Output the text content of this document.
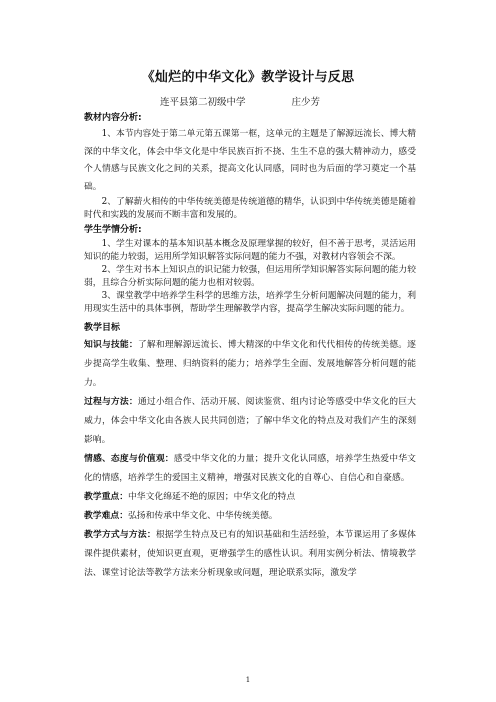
《灿烂的中华文化》教学设计与反思
连平县第二初级中学	庄少芳

教材内容分析:

1、本节内容处于第二单元第五课第一框，这单元的主题是了解源远流长、博大精深的中华文化，体会中华文化是中华民族百折不挠、生生不息的强大精神动力，感受个人情感与民族文化之间的关系，提高文化认同感，同时也为后面的学习奠定一个基础。

2、了解薪火相传的中华传统美德是传统道德的精华，认识到中华传统美德是随着时代和实践的发展而不断丰富和发展的。

学生学情分析:

1、学生对课本的基本知识基本概念及原理掌握的较好，但不善于思考，灵活运用知识的能力较弱，运用所学知识解答实际问题的能力不强，对教材内容领会不深。

2、学生对书本上知识点的识记能力较强，但运用所学知识解答实际问题的能力较弱，且综合分析实际问题的能力也相对较弱。

3、课堂教学中培养学生科学的思维方法，培养学生分析问题解决问题的能力，利用现实生活中的具体事例，帮助学生理解教学内容，提高学生解决实际问题的能力。

教学目标

知识与技能：了解和理解源远流长、博大精深的中华文化和代代相传的传统美德。逐步提高学生收集、整理、归纳资料的能力；培养学生全面、发展地解答分析问题的能力。

过程与方法：通过小组合作、活动开展、阅读鉴赏、组内讨论等感受中华文化的巨大威力，体会中华文化由各族人民共同创造；了解中华文化的特点及对我们产生的深刻影响。

情感、态度与价值观：感受中华文化的力量；提升文化认同感，培养学生热爱中华文化的情感，培养学生的爱国主义精神，增强对民族文化的自尊心、自信心和自豪感。

教学重点：中华文化绵延不绝的原因；中华文化的特点

教学难点：弘扬和传承中华文化、中华传统美德。

教学方式与方法：根据学生特点及已有的知识基础和生活经验，本节课运用了多媒体课件提供素材，使知识更直观，更增强学生的感性认识。利用实例分析法、情境教学法、课堂讨论法等教学方法来分析现象或问题，理论联系实际，激发学

1
